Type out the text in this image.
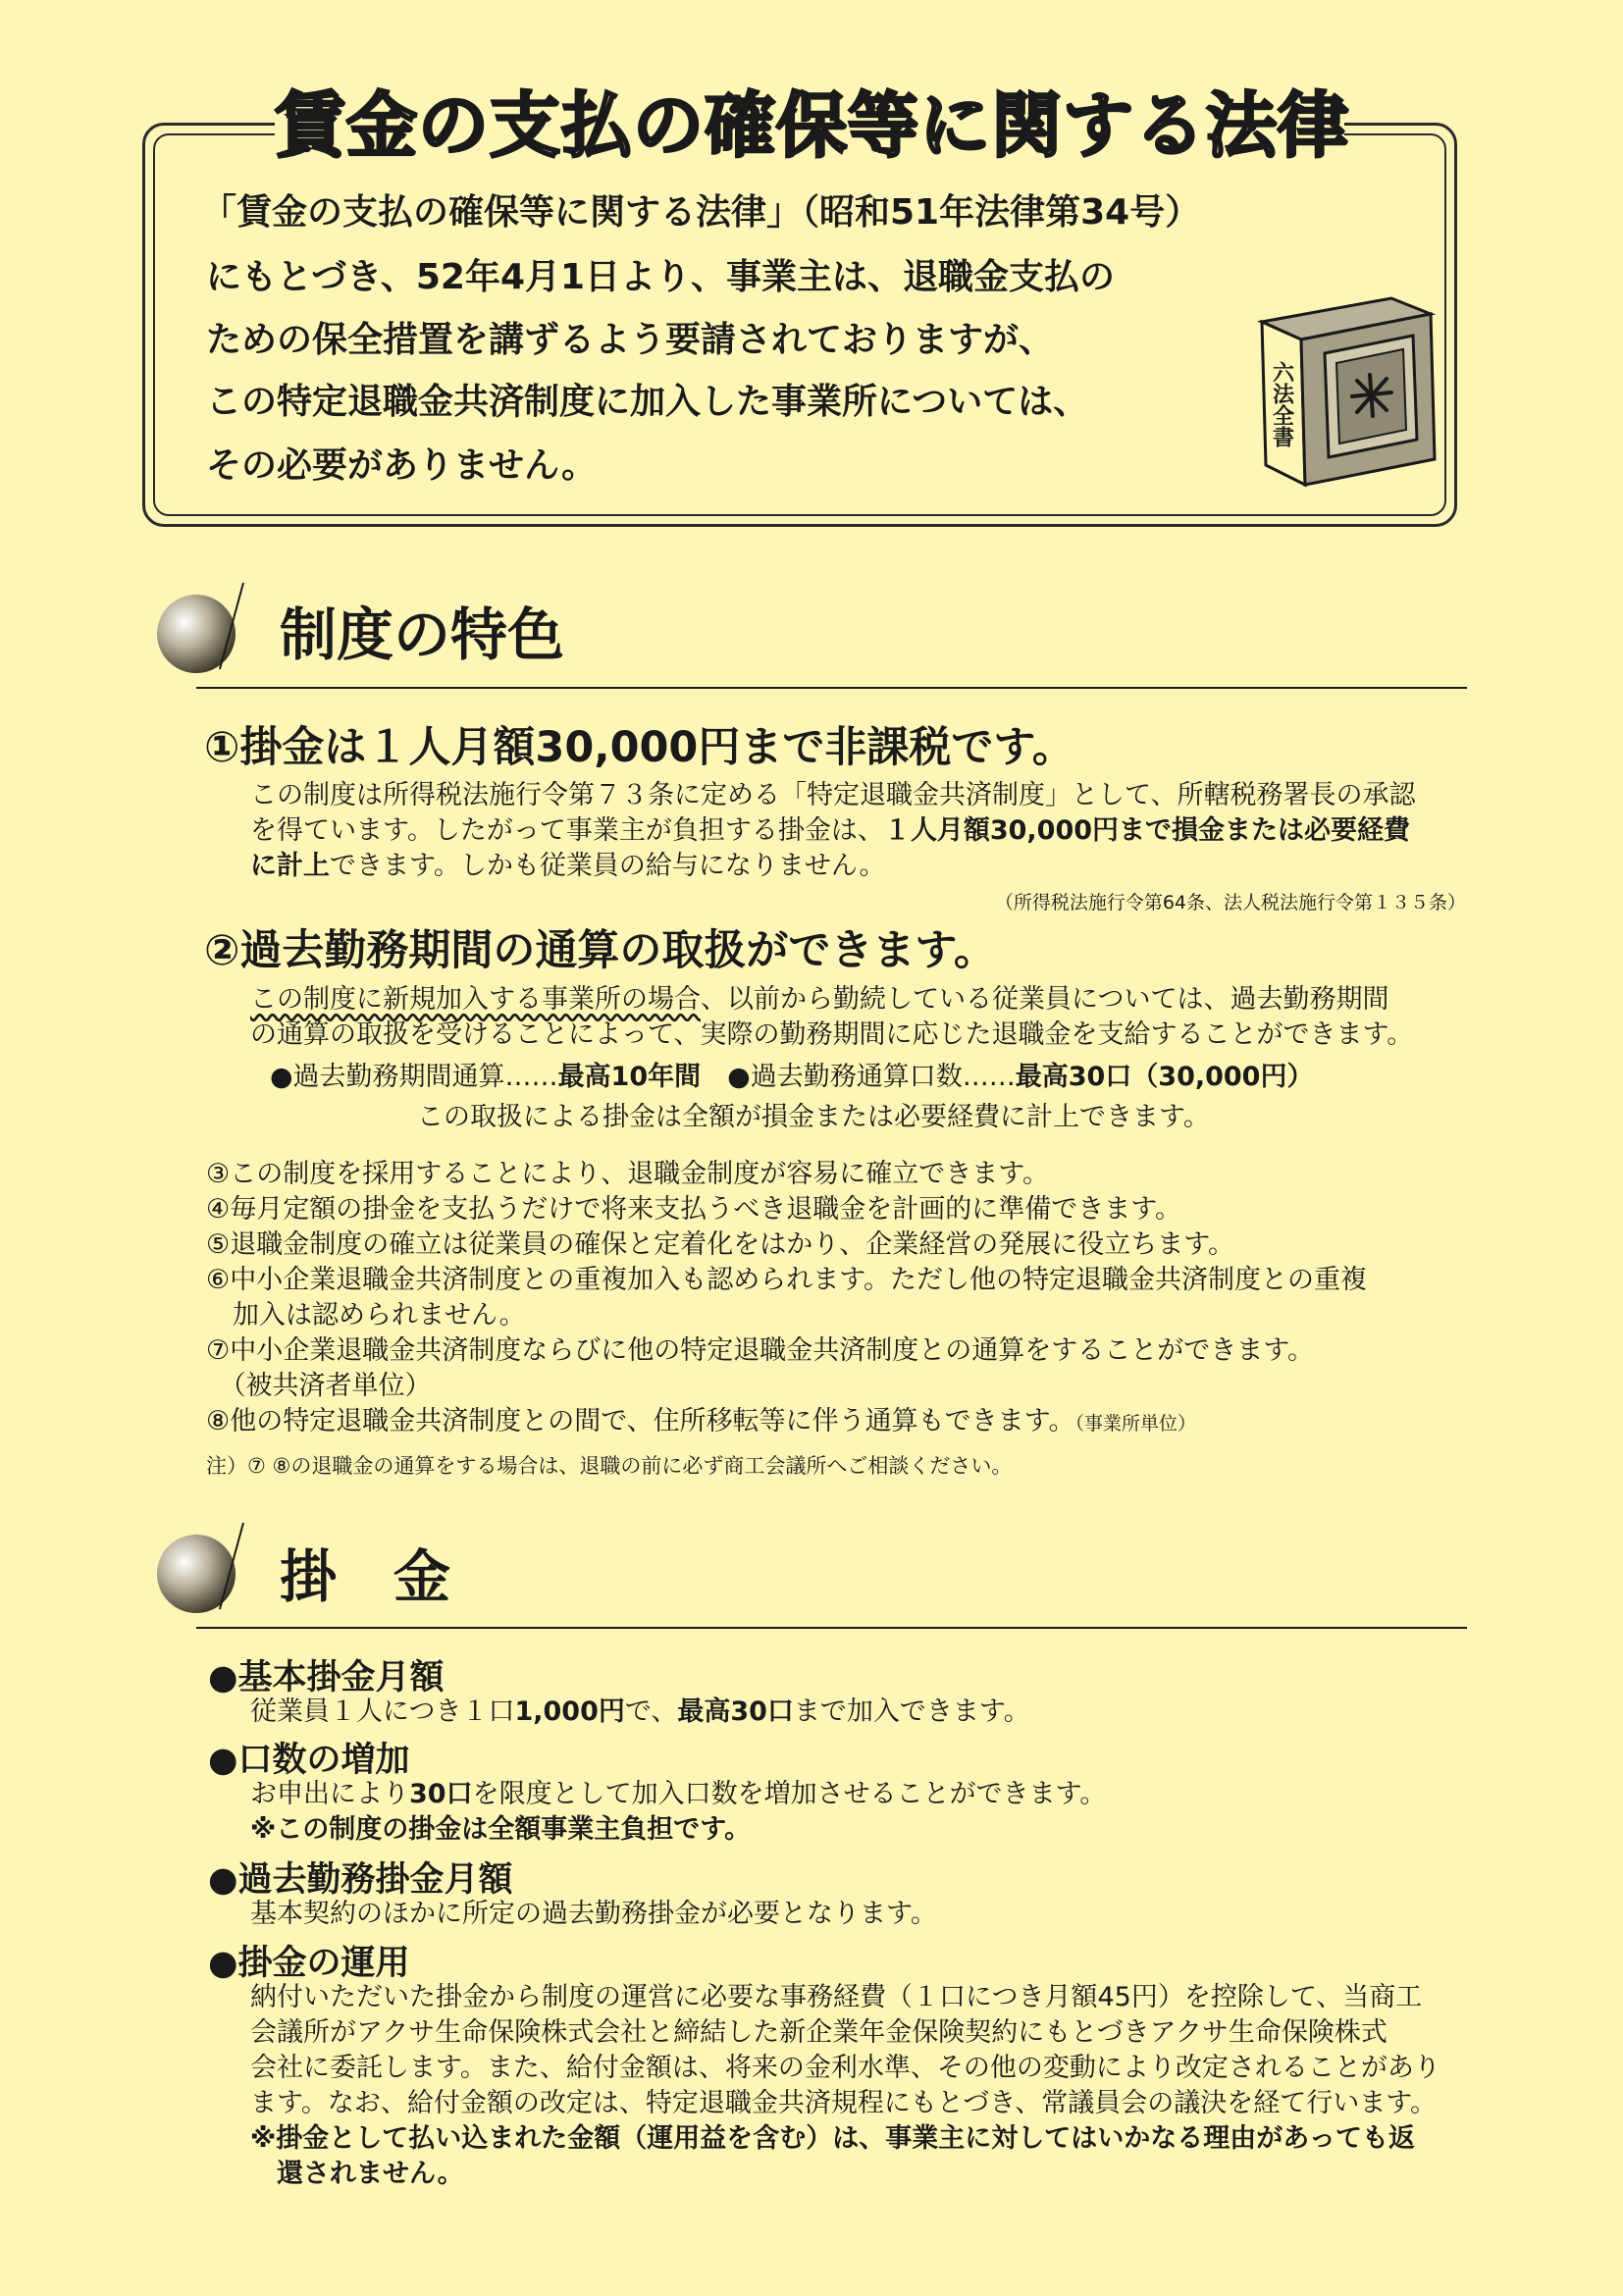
賃金の支払の確保等に関する法律
「賃金の支払の確保等に関する法律」（昭和51年法律第34号）
にもとづき、52年4月1日より、事業主は、退職金支払の
ための保全措置を講ずるよう要請されておりますが、
この特定退職金共済制度に加入した事業所については、
その必要がありません。
六法全書
制度の特色
①掛金は１人月額30,000円まで非課税です。
この制度は所得税法施行令第７３条に定める「特定退職金共済制度」として、所轄税務署長の承認
を得ています。したがって事業主が負担する掛金は、１人月額30,000円まで損金または必要経費
に計上できます。しかも従業員の給与になりません。
（所得税法施行令第64条、法人税法施行令第１３５条）
②過去勤務期間の通算の取扱ができます。
この制度に新規加入する事業所の場合、以前から勤続している従業員については、過去勤務期間
の通算の取扱を受けることによって、実際の勤務期間に応じた退職金を支給することができます。
●過去勤務期間通算……最高10年間　 ●過去勤務通算口数……最高30口（30,000円）
この取扱による掛金は全額が損金または必要経費に計上できます。
③この制度を採用することにより、退職金制度が容易に確立できます。
④毎月定額の掛金を支払うだけで将来支払うべき退職金を計画的に準備できます。
⑤退職金制度の確立は従業員の確保と定着化をはかり、企業経営の発展に役立ちます。
⑥中小企業退職金共済制度との重複加入も認められます。ただし他の特定退職金共済制度との重複
　加入は認められません。
⑦中小企業退職金共済制度ならびに他の特定退職金共済制度との通算をすることができます。
　（被共済者単位）
⑧他の特定退職金共済制度との間で、住所移転等に伴う通算もできます。（事業所単位）
注）⑦ ⑧の退職金の通算をする場合は、退職の前に必ず商工会議所へご相談ください。
掛　金
●基本掛金月額
従業員１人につき１口1,000円で、最高30口まで加入できます。
●口数の増加
お申出により30口を限度として加入口数を増加させることができます。
※この制度の掛金は全額事業主負担です。
●過去勤務掛金月額
基本契約のほかに所定の過去勤務掛金が必要となります。
●掛金の運用
納付いただいた掛金から制度の運営に必要な事務経費（１口につき月額45円）を控除して、当商工
会議所がアクサ生命保険株式会社と締結した新企業年金保険契約にもとづきアクサ生命保険株式
会社に委託します。また、給付金額は、将来の金利水準、その他の変動により改定されることがあり
ます。なお、給付金額の改定は、特定退職金共済規程にもとづき、常議員会の議決を経て行います。
※掛金として払い込まれた金額（運用益を含む）は、事業主に対してはいかなる理由があっても返
　還されません。
